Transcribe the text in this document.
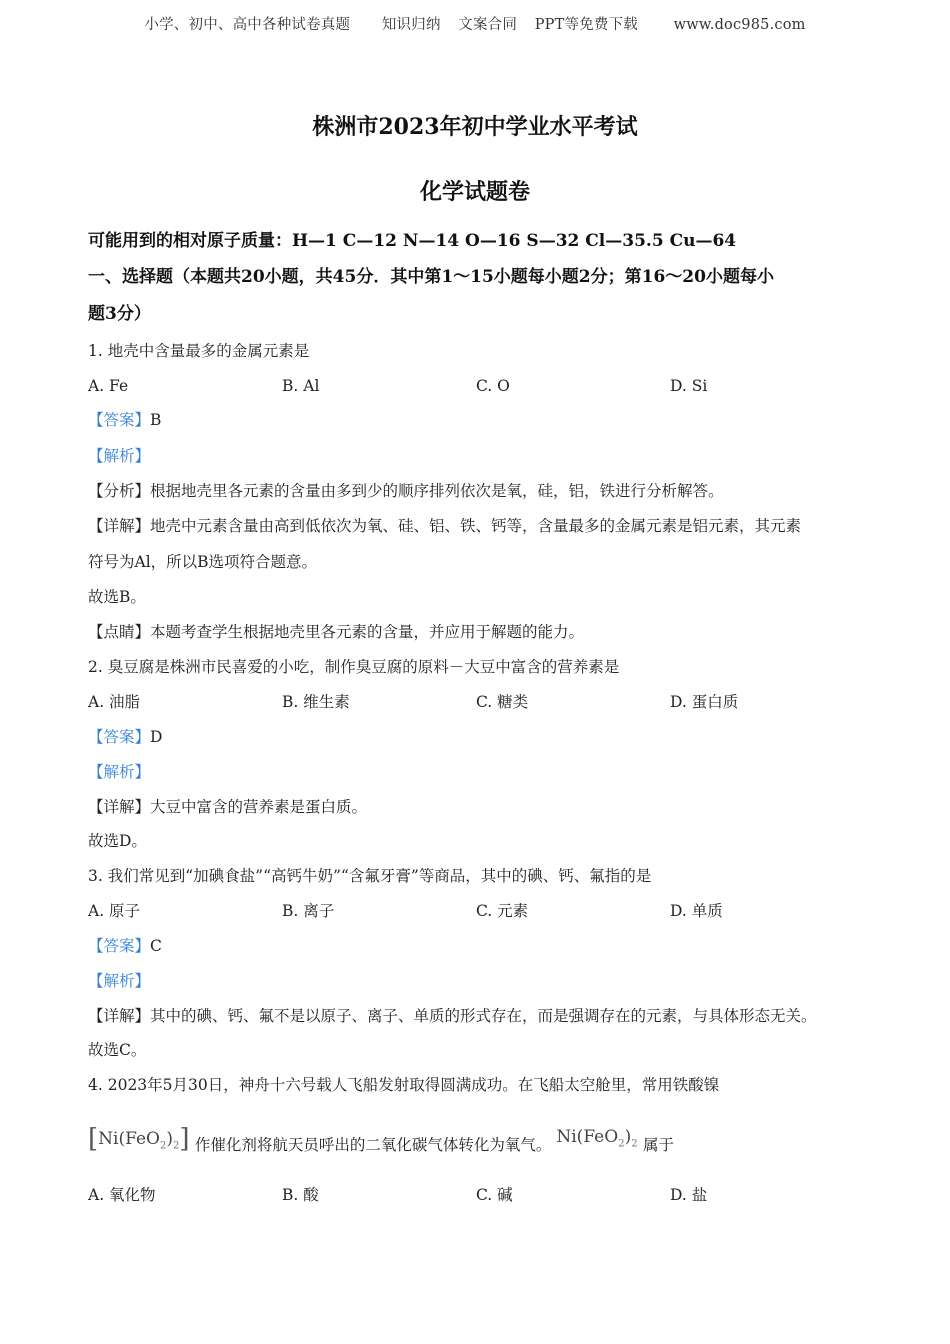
小学、初中、高中各种试卷真题 知识归纳 文案合同 PPT等免费下载 www.doc985.com
株洲市2023年初中学业水平考试
化学试题卷
可能用到的相对原子质量：H—1 C—12 N—14 O—16 S—32 Cl—35.5 Cu—64
一、选择题（本题共20小题，共45分．其中第1～15小题每小题2分；第16～20小题每小
题3分）
1. 地壳中含量最多的金属元素是
A. Fe	B. Al	C. O	D. Si
【答案】B
【解析】
【分析】根据地壳里各元素的含量由多到少的顺序排列依次是氧，硅，铝，铁进行分析解答。
【详解】地壳中元素含量由高到低依次为氧、硅、铝、铁、钙等，含量最多的金属元素是铝元素，其元素
符号为Al，所以B选项符合题意。
故选B。
【点睛】本题考查学生根据地壳里各元素的含量，并应用于解题的能力。
2. 臭豆腐是株洲市民喜爱的小吃，制作臭豆腐的原料－大豆中富含的营养素是
A. 油脂	B. 维生素	C. 糖类	D. 蛋白质
【答案】D
【解析】
【详解】大豆中富含的营养素是蛋白质。
故选D。
3. 我们常见到“加碘食盐”“高钙牛奶”“含氟牙膏”等商品，其中的碘、钙、氟指的是
A. 原子	B. 离子	C. 元素	D. 单质
【答案】C
【解析】
【详解】其中的碘、钙、氟不是以原子、离子、单质的形式存在，而是强调存在的元素，与具体形态无关。
故选C。
4. 2023年5月30日，神舟十六号载人飞船发射取得圆满成功。在飞船太空舱里，常用铁酸镍
$[Ni(FeO_2)_2]$ 作催化剂将航天员呼出的二氧化碳气体转化为氧气。 $Ni(FeO_2)_2$ 属于
A. 氧化物	B. 酸	C. 碱	D. 盐
